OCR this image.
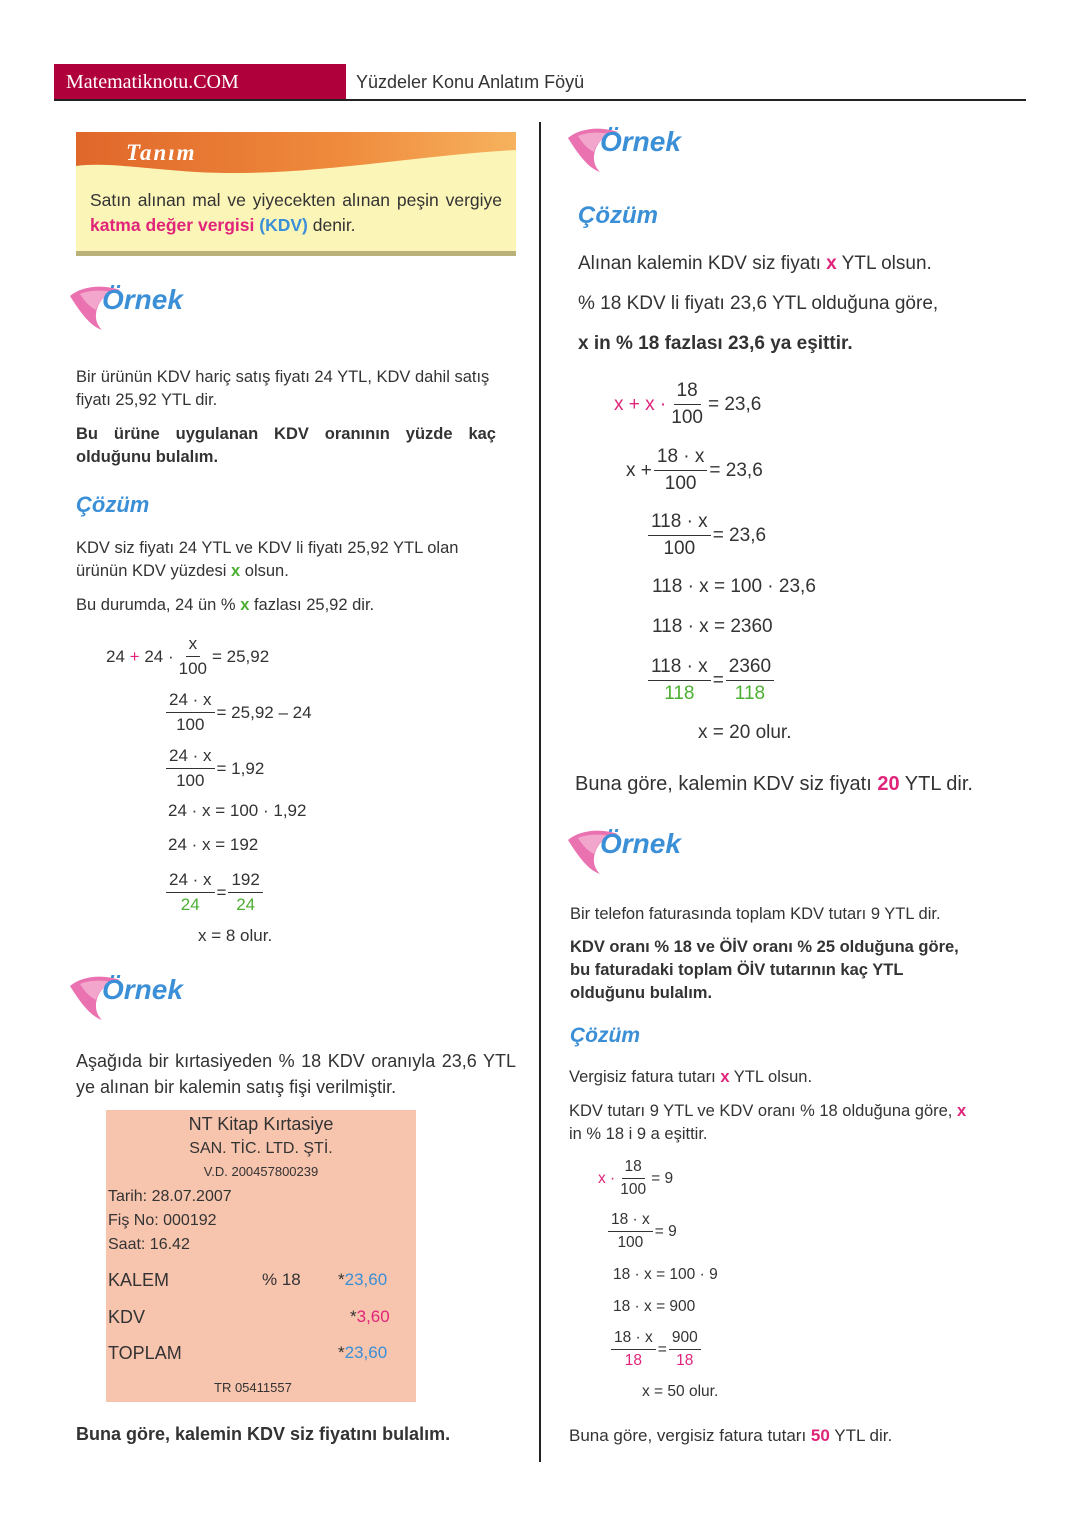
Matematiknotu.COM	Yüzdeler Konu Anlatım Föyü
Tanım
Satın alınan mal ve yiyecekten alınan peşin vergiye katma değer vergisi (KDV) denir.
Örnek
Bir ürünün KDV hariç satış fiyatı 24 YTL, KDV dahil satış fiyatı 25,92 YTL dir.
Bu ürüne uygulanan KDV oranının yüzde kaç olduğunu bulalım.
Çözüm
KDV siz fiyatı 24 YTL ve KDV li fiyatı 25,92 YTL olan ürünün KDV yüzdesi x olsun.
Bu durumda, 24 ün % x fazlası 25,92 dir.
24
+
$24 \cdot \frac{x}{100} = 25,92$
$\frac{24 \cdot x}{100} = 25,92 - 24$
$\frac{24 \cdot x}{100} = 1,92$
24 · x = 100 · 1,92
24 · x = 192
$\frac{24 \cdot x}{24} = \frac{192}{24}$
x = 8 olur.
Örnek
Aşağıda bir kırtasiyeden % 18 KDV oranıyla 23,6 YTL ye alınan bir kalemin satış fişi verilmiştir.
NT Kitap Kırtasiye
SAN. TİC. LTD. ŞTİ.
V.D. 200457800239
Tarih: 28.07.2007
Fiş No: 000192
Saat: 16.42
KALEM	% 18 *23,60
KDV	*3,60
TOPLAM	*23,60
TR 05411557
Buna göre, kalemin KDV siz fiyatını bulalım.
Örnek
Çözüm
Alınan kalemin KDV siz fiyatı x YTL olsun.
% 18 KDV li fiyatı 23,6 YTL olduğuna göre,
x in % 18 fazlası 23,6 ya eşittir.
$x + x \cdot \frac{18}{100} = 23,6$
$x + \frac{18 \cdot x}{100} = 23,6$
$\frac{118 \cdot x}{100} = 23,6$
118 · x = 100 · 23,6
118 · x = 2360
$\frac{118 \cdot x}{118} = \frac{2360}{118}$
x = 20 olur.
Buna göre, kalemin KDV siz fiyatı 20 YTL dir.
Örnek
Bir telefon faturasında toplam KDV tutarı 9 YTL dir.
KDV oranı % 18 ve ÖİV oranı % 25 olduğuna göre, bu faturadaki toplam ÖİV tutarının kaç YTL olduğunu bulalım.
Çözüm
Vergisiz fatura tutarı x YTL olsun.
KDV tutarı 9 YTL ve KDV oranı % 18 olduğuna göre, x in % 18 i 9 a eşittir.
$x \cdot \frac{18}{100} = 9$
$\frac{18 \cdot x}{100} = 9$
18 · x = 100 · 9
18 · x = 900
$\frac{18 \cdot x}{18} = \frac{900}{18}$
x = 50 olur.
Buna göre, vergisiz fatura tutarı 50 YTL dir.
